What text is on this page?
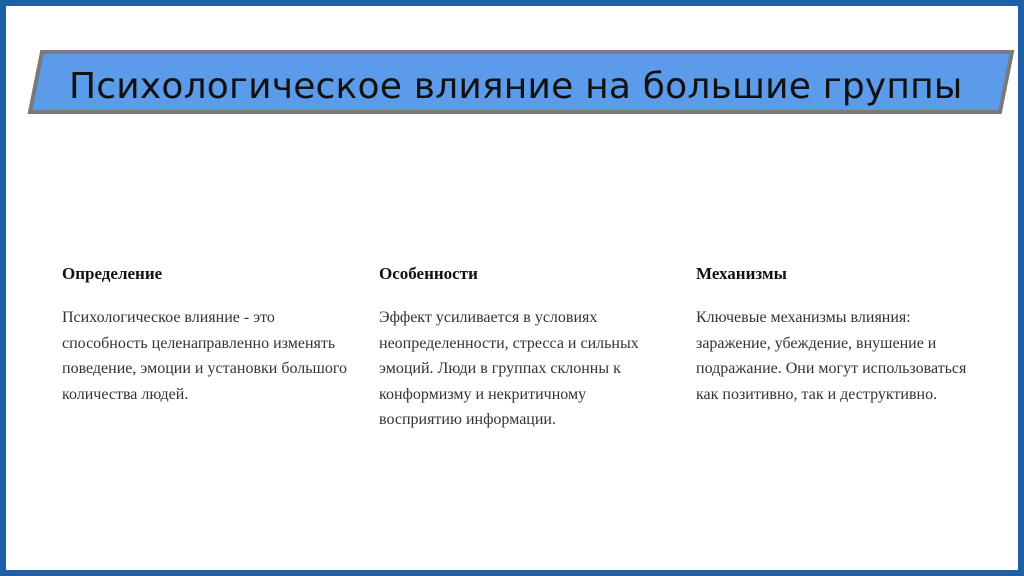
Психологическое влияние на большие группы

Определение

Психологическое влияние - это способность целенаправленно изменять поведение, эмоции и установки большого количества людей.

Особенности

Эффект усиливается в условиях неопределенности, стресса и сильных эмоций. Люди в группах склонны к конформизму и некритичному восприятию информации.

Механизмы

Ключевые механизмы влияния: заражение, убеждение, внушение и подражание. Они могут использоваться как позитивно, так и деструктивно.
